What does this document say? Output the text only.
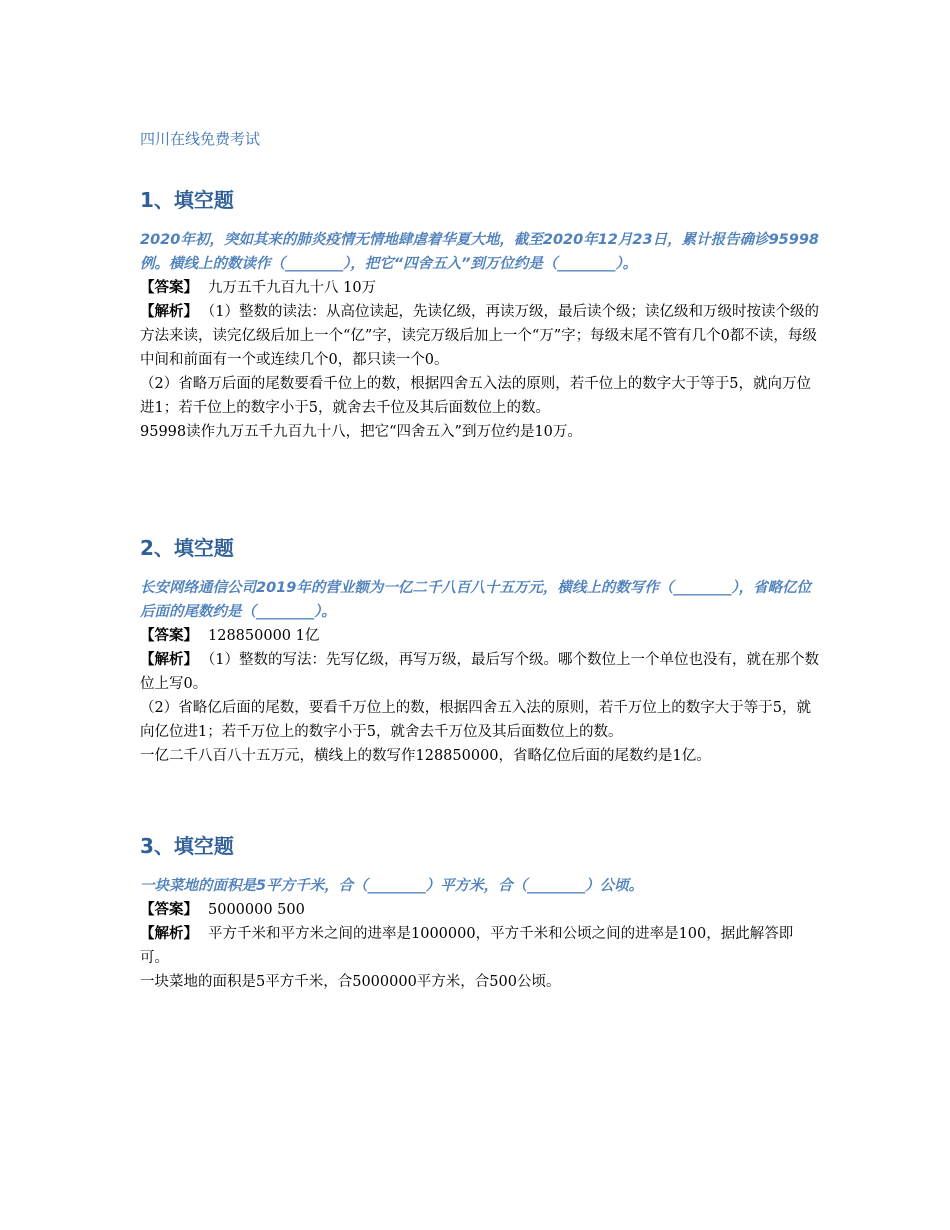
四川在线免费考试
1、填空题

2020年初，突如其来的肺炎疫情无情地肆虐着华夏大地，截至2020年12月23日，累计报告确诊95998例。横线上的数读作（________），把它“四舍五入”到万位约是（________）。

【答案】 九万五千九百九十八 10万

【解析】 （1）整数的读法：从高位读起，先读亿级，再读万级，最后读个级；读亿级和万级时按读个级的方法来读，读完亿级后加上一个“亿”字，读完万级后加上一个“万”字；每级末尾不管有几个0都不读，每级中间和前面有一个或连续几个0，都只读一个0。

（2）省略万后面的尾数要看千位上的数，根据四舍五入法的原则，若千位上的数字大于等于5，就向万位进1；若千位上的数字小于5，就舍去千位及其后面数位上的数。

95998读作九万五千九百九十八，把它“四舍五入”到万位约是10万。

2、填空题

长安网络通信公司2019年的营业额为一亿二千八百八十五万元，横线上的数写作（________），省略亿位后面的尾数约是（________）。

【答案】 128850000 1亿

【解析】 （1）整数的写法：先写亿级，再写万级，最后写个级。哪个数位上一个单位也没有，就在那个数位上写0。

（2）省略亿后面的尾数，要看千万位上的数，根据四舍五入法的原则，若千万位上的数字大于等于5，就向亿位进1；若千万位上的数字小于5，就舍去千万位及其后面数位上的数。

一亿二千八百八十五万元，横线上的数写作128850000，省略亿位后面的尾数约是1亿。

3、填空题

一块菜地的面积是5平方千米，合（________）平方米，合（________）公顷。

【答案】 5000000 500

【解析】 平方千米和平方米之间的进率是1000000，平方千米和公顷之间的进率是100，据此解答即可。

一块菜地的面积是5平方千米，合5000000平方米，合500公顷。
